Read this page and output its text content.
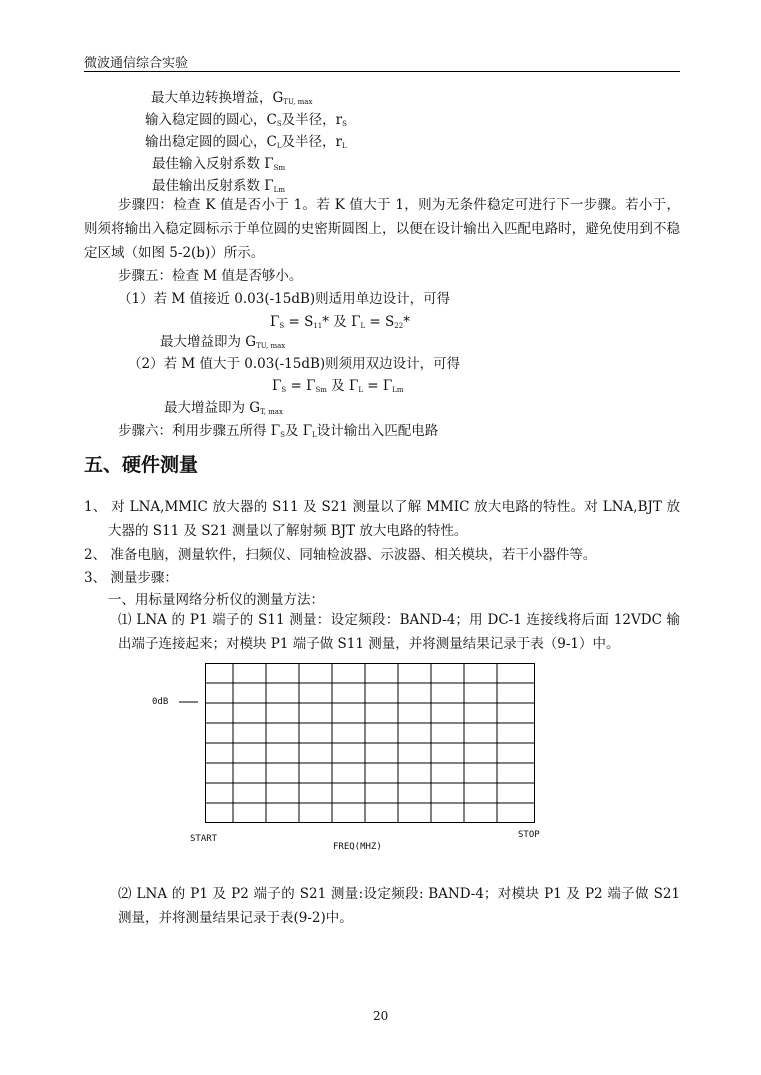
微波通信综合实验
最大单边转换增益，$G_{TU, max}$
输入稳定圆的圆心，$C_S$及半径，$r_S$
输出稳定圆的圆心，$C_L$及半径，$r_L$
最佳输入反射系数 $\Gamma_{Sm}$
最佳输出反射系数 $\Gamma_{Lm}$
步骤四：检查 K 值是否小于 1。若 K 值大于 1，则为无条件稳定可进行下一步骤。若小于，则须将输出入稳定圆标示于单位圆的史密斯圆图上，以便在设计输出入匹配电路时，避免使用到不稳定区域（如图 5-2(b)）所示。
步骤五：检查 M 值是否够小。
（1）若 M 值接近 0.03(-15dB)则适用单边设计，可得
$\Gamma_S = S_{11}*$ 及 $\Gamma_L = S_{22}*$
最大增益即为 $G_{TU, max}$
（2）若 M 值大于 0.03(-15dB)则须用双边设计，可得
$\Gamma_S = \Gamma_{Sm}$ 及 $\Gamma_L = \Gamma_{Lm}$
最大增益即为 $G_{T, max}$
步骤六：利用步骤五所得 $\Gamma_S$及 $\Gamma_L$设计输出入匹配电路
五、硬件测量
1、 对 LNA,MMIC 放大器的 S11 及 S21 测量以了解 MMIC 放大电路的特性。对 LNA,BJT 放大器的 S11 及 S21 测量以了解射频 BJT 放大电路的特性。
2、 准备电脑，测量软件，扫频仪、同轴检波器、示波器、相关模块，若干小器件等。
3、 测量步骤：
一、用标量网络分析仪的测量方法：
⑴ LNA 的 P1 端子的 S11 测量：设定频段：BAND-4；用 DC-1 连接线将后面 12VDC 输出端子连接起来；对模块 P1 端子做 S11 测量，并将测量结果记录于表（9-1）中。
0dB
START	STOP
FREQ(MHZ)
⑵ LNA 的 P1 及 P2 端子的 S21 测量:设定频段: BAND-4；对模块 P1 及 P2 端子做 S21 测量，并将测量结果记录于表(9-2)中。
20
